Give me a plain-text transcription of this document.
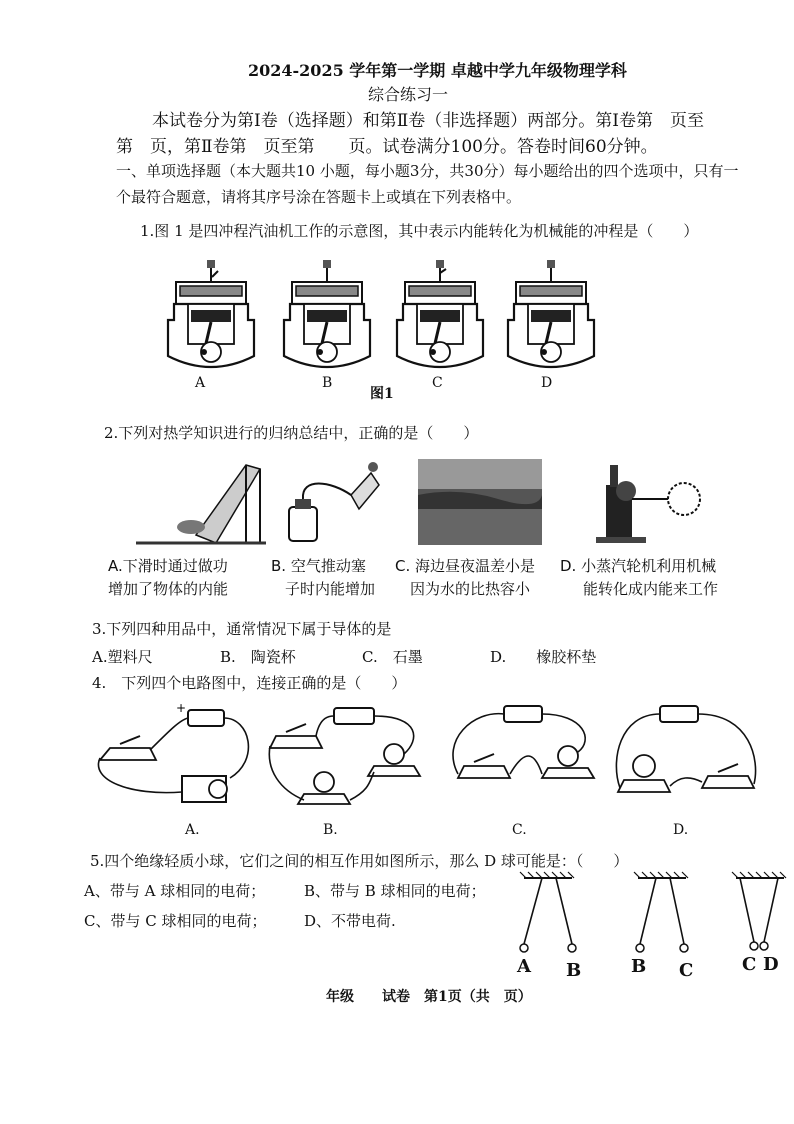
2024-2025 学年第一学期 卓越中学九年级物理学科
综合练习一
本试卷分为第Ⅰ卷（选择题）和第Ⅱ卷（非选择题）两部分。第Ⅰ卷第　页至
第　页，第Ⅱ卷第　页至第　　页。试卷满分100分。答卷时间60分钟。
一、单项选择题（本大题共10 小题，每小题3分，共30分）每小题给出的四个选项中，只有一
个最符合题意，请将其序号涂在答题卡上或填在下列表格中。
1.图 1 是四冲程汽油机工作的示意图，其中表示内能转化为机械能的冲程是（　　）
A	B	C	D
图1
2.下列对热学知识进行的归纳总结中，正确的是（　　）
A.下滑时通过做功
增加了物体的内能
B. 空气推动塞
子时内能增加
C. 海边昼夜温差小是
因为水的比热容小
D. 小蒸汽轮机利用机械
能转化成内能来工作
3.下列四种用品中，通常情况下属于导体的是
A.塑料尺	B.　陶瓷杯	C.　石墨	D.　　橡胶杯垫
4.　下列四个电路图中，连接正确的是（　　）
+
A.	B.	C.	D.
5.四个绝缘轻质小球，它们之间的相互作用如图所示，那么 D 球可能是：（　　）
A、带与 A 球相同的电荷；	B、带与 B 球相同的电荷；
C、带与 C 球相同的电荷；	D、不带电荷.
A B	B C	C D
年级　　试卷　第1页（共　页）
